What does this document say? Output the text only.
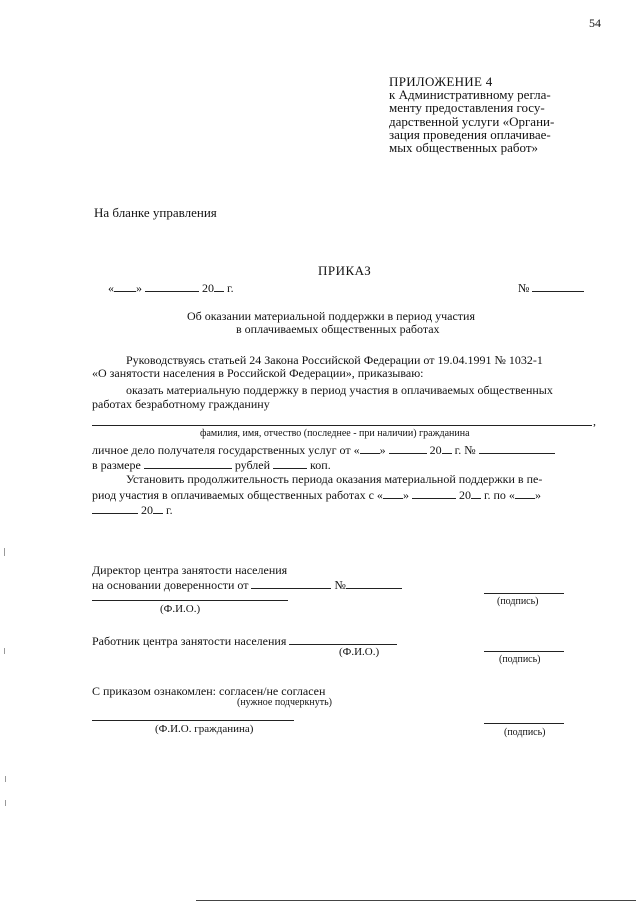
54
ПРИЛОЖЕНИЕ 4
к Административному регла-
менту предоставления госу-
дарственной услуги «Органи-
зация проведения оплачивае-
мых общественных работ»
На бланке управления
ПРИКАЗ
« »	20 г.	№
Об оказании материальной поддержки в период участия
в оплачиваемых общественных работах
Руководствуясь статьей 24 Закона Российской Федерации от 19.04.1991 № 1032-1
«О занятости населения в Российской Федерации», приказываю:
оказать материальную поддержку в период участия в оплачиваемых общественных
работах безработному гражданину
,
фамилия, имя, отчество (последнее - при наличии) гражданина
личное дело получателя государственных услуг от « »	20 г. №
в размере	рублей	коп.
Установить продолжительность периода оказания материальной поддержки в пе-
риод участия в оплачиваемых общественных работах с « »	20 г. по « »
20 г.
Директор центра занятости населения
на основании доверенности от	№
(Ф.И.О.)
(подпись)
Работник центра занятости населения
(Ф.И.О.)
(подпись)
С приказом ознакомлен: согласен/не согласен
(нужное подчеркнуть)
(Ф.И.О. гражданина)	(подпись)
